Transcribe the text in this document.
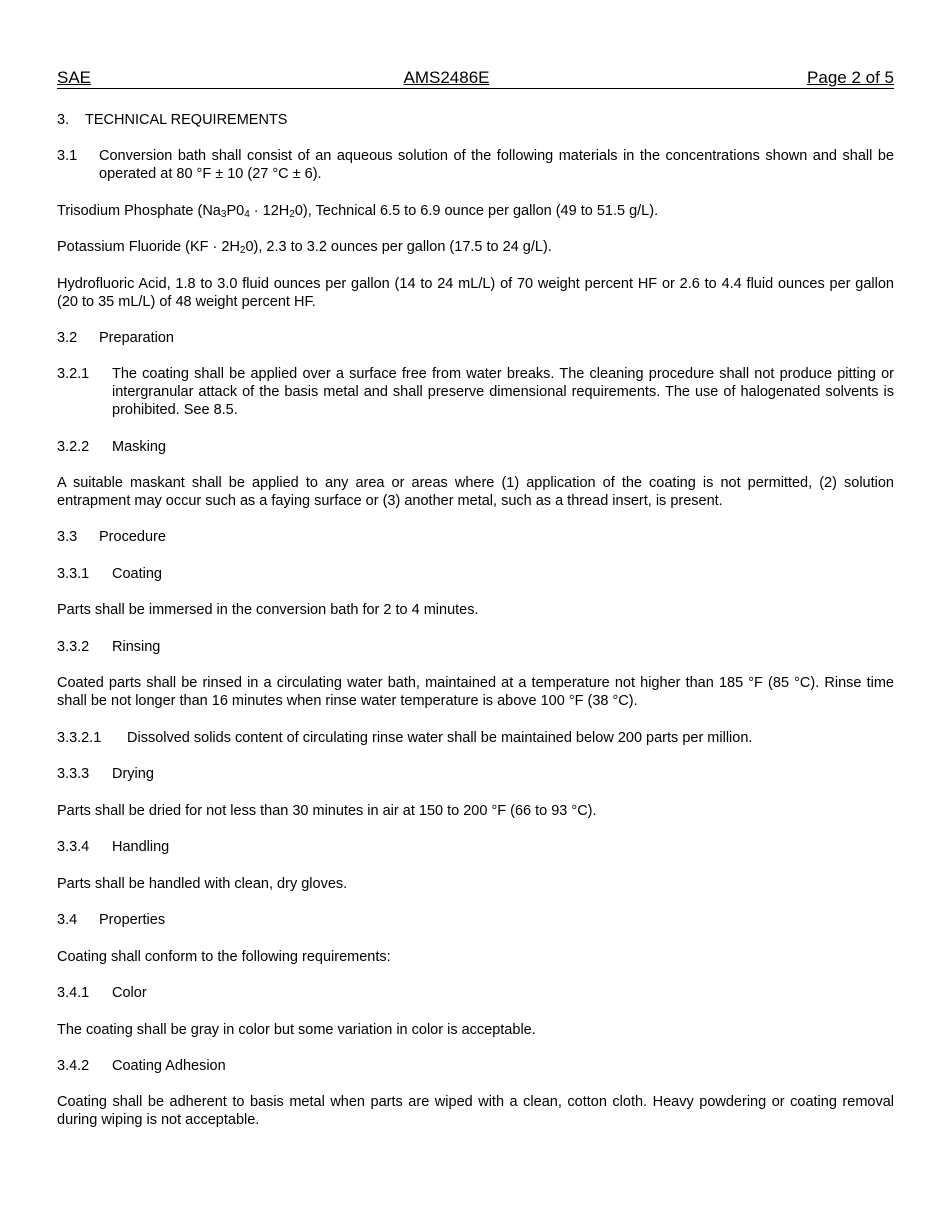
SAE	AMS2486E	Page 2 of 5
3. TECHNICAL REQUIREMENTS
3.1 Conversion bath shall consist of an aqueous solution of the following materials in the concentrations shown and shall be operated at 80 °F ± 10 (27 °C ± 6).
Trisodium Phosphate $(Na_3P0_4 \cdot 12H_20)$, Technical 6.5 to 6.9 ounce per gallon (49 to 51.5 g/L).
Potassium Fluoride $(KF \cdot 2H_20)$, 2.3 to 3.2 ounces per gallon (17.5 to 24 g/L).
Hydrofluoric Acid, 1.8 to 3.0 fluid ounces per gallon (14 to 24 mL/L) of 70 weight percent HF or 2.6 to 4.4 fluid ounces per gallon (20 to 35 mL/L) of 48 weight percent HF.
3.2 Preparation
3.2.1 The coating shall be applied over a surface free from water breaks. The cleaning procedure shall not produce pitting or intergranular attack of the basis metal and shall preserve dimensional requirements. The use of halogenated solvents is prohibited. See 8.5.
3.2.2 Masking
A suitable maskant shall be applied to any area or areas where (1) application of the coating is not permitted, (2) solution entrapment may occur such as a faying surface or (3) another metal, such as a thread insert, is present.
3.3 Procedure
3.3.1 Coating
Parts shall be immersed in the conversion bath for 2 to 4 minutes.
3.3.2 Rinsing
Coated parts shall be rinsed in a circulating water bath, maintained at a temperature not higher than 185 °F (85 °C). Rinse time shall be not longer than 16 minutes when rinse water temperature is above 100 °F (38 °C).
3.3.2.1 Dissolved solids content of circulating rinse water shall be maintained below 200 parts per million.
3.3.3 Drying
Parts shall be dried for not less than 30 minutes in air at 150 to 200 °F (66 to 93 °C).
3.3.4 Handling
Parts shall be handled with clean, dry gloves.
3.4 Properties
Coating shall conform to the following requirements:
3.4.1 Color
The coating shall be gray in color but some variation in color is acceptable.
3.4.2 Coating Adhesion
Coating shall be adherent to basis metal when parts are wiped with a clean, cotton cloth. Heavy powdering or coating removal during wiping is not acceptable.
